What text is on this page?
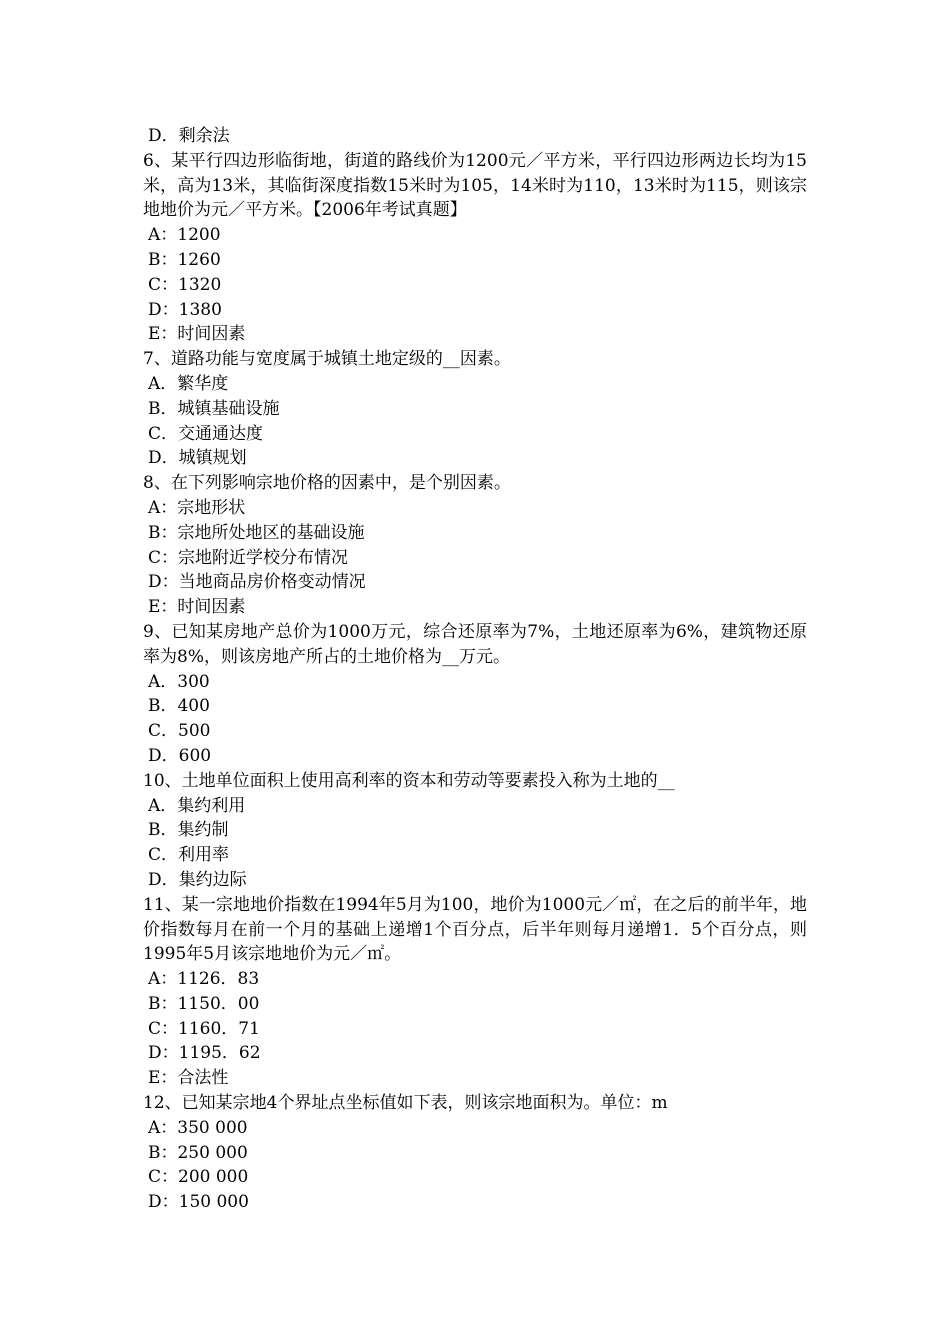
D．剩余法

6、某平行四边形临街地，街道的路线价为1200元／平方米，平行四边形两边长均为15米，高为13米，其临街深度指数15米时为105，14米时为110，13米时为115，则该宗地地价为元／平方米。【2006年考试真题】

A：1200

B：1260

C：1320

D：1380

E：时间因素

7、道路功能与宽度属于城镇土地定级的__因素。

A．繁华度

B．城镇基础设施

C．交通通达度

D．城镇规划

8、在下列影响宗地价格的因素中，是个别因素。

A：宗地形状

B：宗地所处地区的基础设施

C：宗地附近学校分布情况

D：当地商品房价格变动情况

E：时间因素

9、已知某房地产总价为1000万元，综合还原率为7%，土地还原率为6%，建筑物还原率为8%，则该房地产所占的土地价格为__万元。

A．300

B．400

C．500

D．600

10、土地单位面积上使用高利率的资本和劳动等要素投入称为土地的__

A．集约利用

B．集约制

C．利用率

D．集约边际

11、某一宗地地价指数在1994年5月为100，地价为1000元／㎡，在之后的前半年，地价指数每月在前一个月的基础上递增1个百分点，后半年则每月递增1．5个百分点，则1995年5月该宗地地价为元／㎡。

A：1126．83

B：1150．00

C：1160．71

D：1195．62

E：合法性

12、已知某宗地4个界址点坐标值如下表，则该宗地面积为。单位：m

A：350 000

B：250 000

C：200 000

D：150 000
